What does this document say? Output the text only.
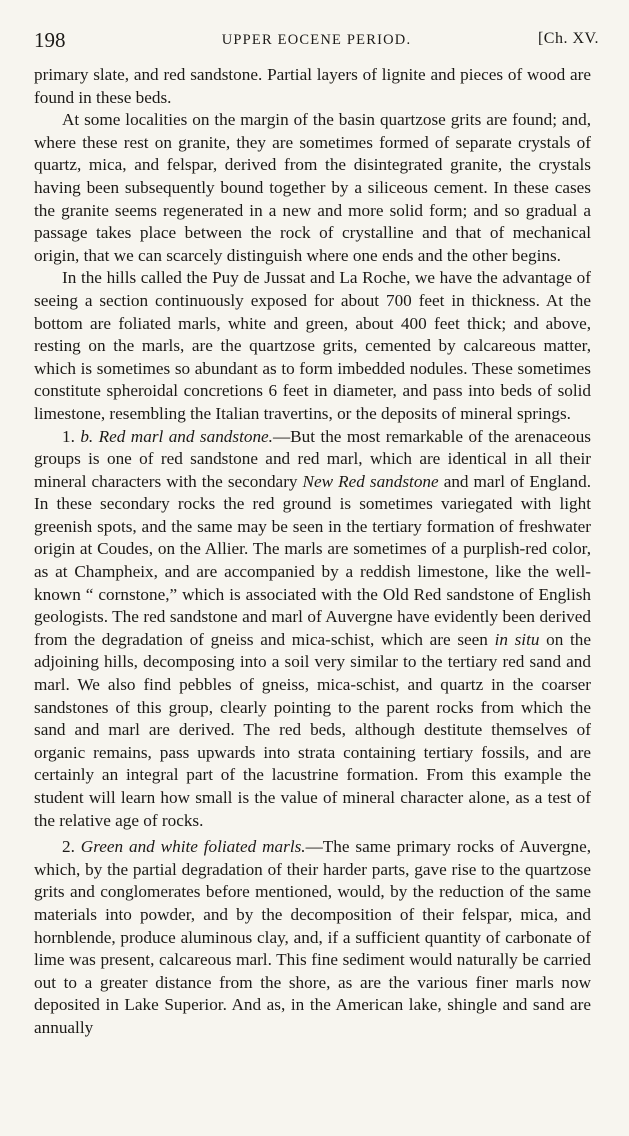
198	UPPER EOCENE PERIOD.	[Ch. XV.

primary slate, and red sandstone. Partial layers of lignite and pieces of wood are found in these beds.

At some localities on the margin of the basin quartzose grits are found; and, where these rest on granite, they are sometimes formed of separate crystals of quartz, mica, and felspar, derived from the disintegrated granite, the crystals having been subsequently bound together by a siliceous cement. In these cases the granite seems regenerated in a new and more solid form; and so gradual a passage takes place between the rock of crystalline and that of mechanical origin, that we can scarcely distinguish where one ends and the other begins.

In the hills called the Puy de Jussat and La Roche, we have the advantage of seeing a section continuously exposed for about 700 feet in thickness. At the bottom are foliated marls, white and green, about 400 feet thick; and above, resting on the marls, are the quartzose grits, cemented by calcareous matter, which is sometimes so abundant as to form imbedded nodules. These sometimes constitute spheroidal concretions 6 feet in diameter, and pass into beds of solid limestone, resembling the Italian travertins, or the deposits of mineral springs.

1. b. Red marl and sandstone.—But the most remarkable of the arenaceous groups is one of red sandstone and red marl, which are identical in all their mineral characters with the secondary New Red sandstone and marl of England. In these secondary rocks the red ground is sometimes variegated with light greenish spots, and the same may be seen in the tertiary formation of freshwater origin at Coudes, on the Allier. The marls are sometimes of a purplish-red color, as at Champheix, and are accompanied by a reddish limestone, like the well-known “ cornstone,” which is associated with the Old Red sandstone of English geologists. The red sandstone and marl of Auvergne have evidently been derived from the degradation of gneiss and mica-schist, which are seen in situ on the adjoining hills, decomposing into a soil very similar to the tertiary red sand and marl. We also find pebbles of gneiss, mica-schist, and quartz in the coarser sandstones of this group, clearly pointing to the parent rocks from which the sand and marl are derived. The red beds, although destitute themselves of organic remains, pass upwards into strata containing tertiary fossils, and are certainly an integral part of the lacustrine formation. From this example the student will learn how small is the value of mineral character alone, as a test of the relative age of rocks.

2. Green and white foliated marls.—The same primary rocks of Auvergne, which, by the partial degradation of their harder parts, gave rise to the quartzose grits and conglomerates before mentioned, would, by the reduction of the same materials into powder, and by the decomposition of their felspar, mica, and hornblende, produce aluminous clay, and, if a sufficient quantity of carbonate of lime was present, calcareous marl. This fine sediment would naturally be carried out to a greater distance from the shore, as are the various finer marls now deposited in Lake Superior. And as, in the American lake, shingle and sand are annually
